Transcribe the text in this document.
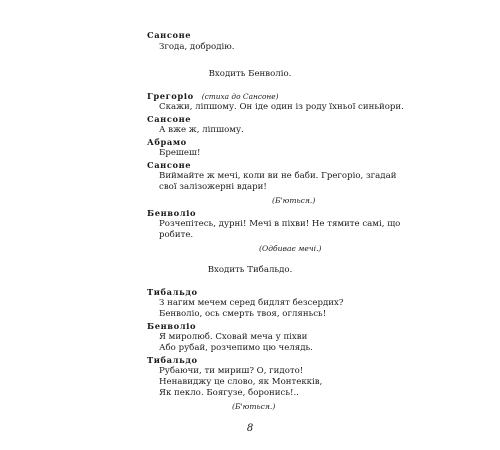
Сансоне
Згода, добродію.
Входить Бенволіо.
Грегоріо (стиха до Сансоне)
Скажи, ліпшому. Он іде один із роду їхньої синьйори.
Сансоне
А вже ж, ліпшому.
Абрамо
Брешеш!
Сансоне
Виймайте ж мечі, коли ви не баби. Грегоріо, згадай
свої залізожерні вдари!
(Б'ються.)
Бенволіо
Розчепітесь, дурні! Мечі в піхви! Не тямите самі, що
робите.
(Одбиває мечі.)
Входить Тибальдо.
Тибальдо
З нагим мечем серед бидлят безсердих?
Бенволіо, ось смерть твоя, огляньсь!
Бенволіо
Я миролюб. Сховай меча у піхви
Або рубай, розчепимо цю челядь.
Тибальдо
Рубаючи, ти мириш? О, гидото!
Ненавиджу це слово, як Монтекків,
Як пекло. Боягузе, боронись!..
(Б'ються.)
8
